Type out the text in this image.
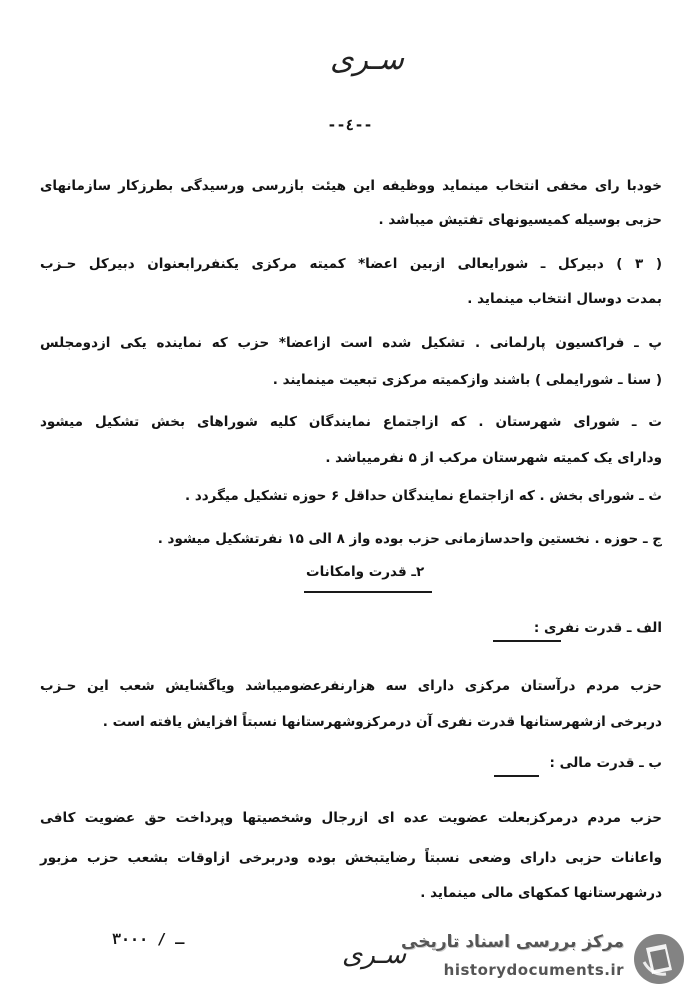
سـری
--٤--
خودبا رای مخفی انتخاب مینماید ووظیفه این هیئت بازرسی ورسیدگی بطرزکار سازمانهای
حزبی بوسیله کمیسیونهای تفتیش میباشد .
( ۳ ) دبیرکل ـ شورایعالی ازبین اعضا* کمیته مرکزی یکنفررابعنوان دبیرکل حـزب
بمدت دوسال انتخاب مینماید .
پ ـ فراکسیون پارلمانی . تشکیل شده است ازاعضا* حزب که نماینده یکی ازدومجلس
( سنا ـ شورایملی ) باشند وازکمیته مرکزی تبعیت مینمایند .
ت ـ شورای شهرستان . که ازاجتماع نمایندگان کلیه شوراهای بخش تشکیل میشود
ودارای یک کمیته شهرستان مرکب از ۵ نفرمیباشد .
ث ـ شورای بخش . که ازاجتماع نمایندگان حداقل ۶ حوزه تشکیل میگردد .
ج ـ حوزه . نخستین واحدسازمانی حزب بوده واز ۸ الی ۱۵ نفرتشکیل میشود .
۲ـ قدرت وامکانات
الف ـ قدرت نفری :
حزب مردم درآستان مرکزی دارای سه هزارنفرعضومیباشد ویاگشایش شعب این حـزب
دربرخی ازشهرستانها قدرت نفری آن درمرکزوشهرستانها نسبتاً افزایش یافته است .
ب ـ قدرت مالی :
حزب مردم درمرکزبعلت عضویت عده ای ازرجال وشخصیتها وپرداخت حق عضویت کافی
واعانات حزبی دارای وضعی نسبتاً رضایتبخش بوده ودربرخی ازاوقات بشعب حزب مزبور
درشهرستانها کمکهای مالی مینماید .
۳ـ / ۰۰۰
سـری
مرکز بررسی اسناد تاریخی
historydocuments.ir
